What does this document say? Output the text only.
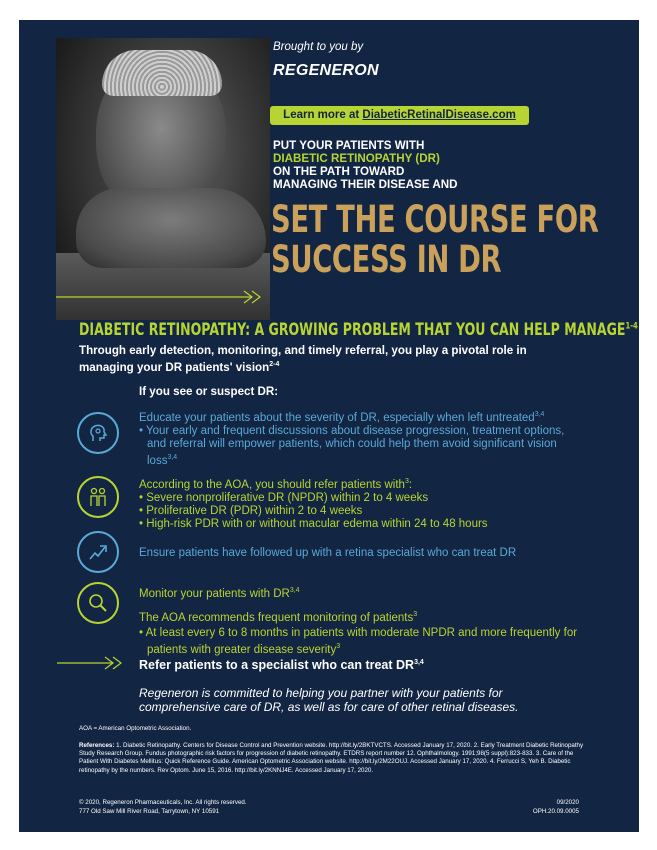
Brought to you by
REGENERON
Learn more at DiabeticRetinalDisease.com
PUT YOUR PATIENTS WITH
DIABETIC RETINOPATHY (DR)
ON THE PATH TOWARD
MANAGING THEIR DISEASE AND
SET THE COURSE FOR
SUCCESS IN DR
DIABETIC RETINOPATHY: A GROWING PROBLEM THAT YOU CAN HELP MANAGE$^{1-4}$
Through early detection, monitoring, and timely referral, you play a pivotal role in managing your DR patients' vision$^{2-4}$
If you see or suspect DR:
Educate your patients about the severity of DR, especially when left untreated$^{3,4}$
• Your early and frequent discussions about disease progression, treatment options, and referral will empower patients, which could help them avoid significant vision loss$^{3,4}$
According to the AOA, you should refer patients with$^3$:
• Severe nonproliferative DR (NPDR) within 2 to 4 weeks
• Proliferative DR (PDR) within 2 to 4 weeks
• High-risk PDR with or without macular edema within 24 to 48 hours
Ensure patients have followed up with a retina specialist who can treat DR
Monitor your patients with DR$^{3,4}$
The AOA recommends frequent monitoring of patients$^3$
• At least every 6 to 8 months in patients with moderate NPDR and more frequently for patients with greater disease severity$^3$
Refer patients to a specialist who can treat DR$^{3,4}$
Regeneron is committed to helping you partner with your patients for comprehensive care of DR, as well as for care of other retinal diseases.
AOA = American Optometric Association.
References: 1. Diabetic Retinopathy. Centers for Disease Control and Prevention website. http://bit.ly/2BKTVCTS. Accessed January 17, 2020. 2. Early Treatment Diabetic Retinopathy Study Research Group. Fundus photographic risk factors for progression of diabetic retinopathy. ETDRS report number 12. Ophthalmology. 1991;98(5 suppl):823-833. 3. Care of the Patient With Diabetes Mellitus: Quick Reference Guide. American Optometric Association website. http://bit.ly/2M22OUJ. Accessed January 17, 2020. 4. Ferrucci S, Yeh B. Diabetic retinopathy by the numbers. Rev Optom. June 15, 2016. http://bit.ly/2KNNJ4E. Accessed January 17, 2020.
© 2020, Regeneron Pharmaceuticals, Inc. All rights reserved.
777 Old Saw Mill River Road, Tarrytown, NY 10591
09/2020
OPH.20.09.0005
